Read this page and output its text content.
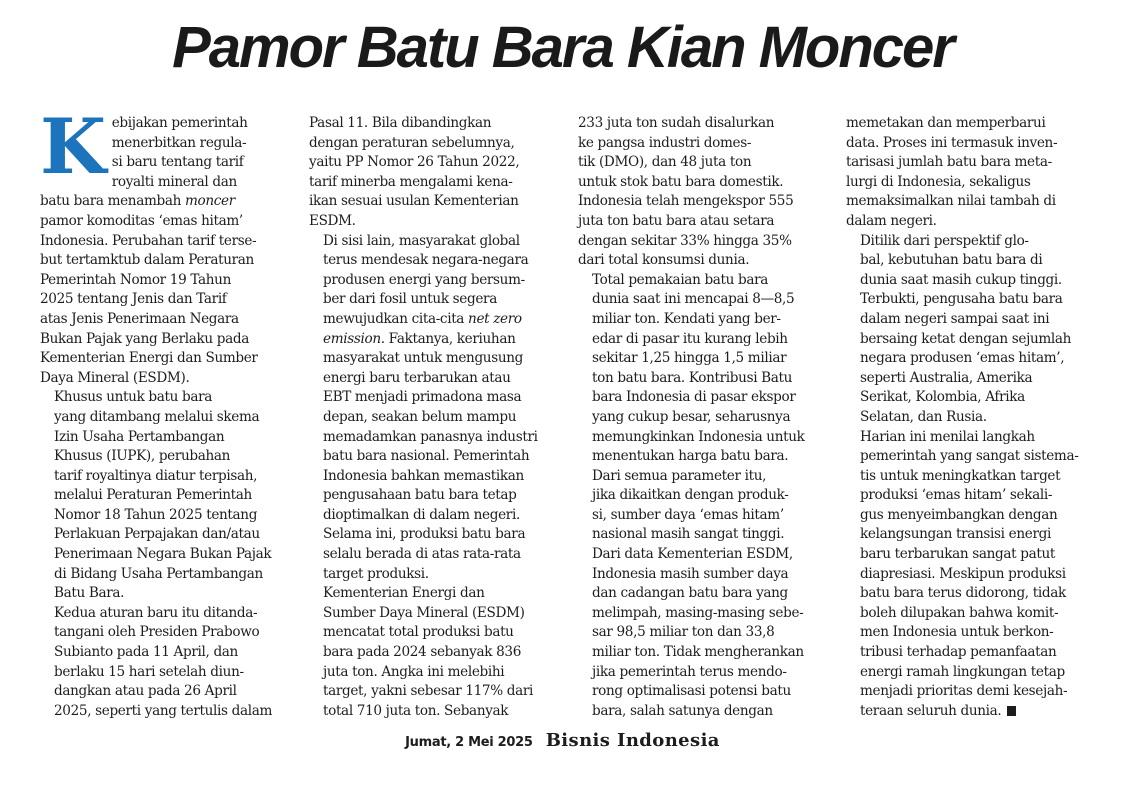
Pamor Batu Bara Kian Moncer

K ebijakan pemerintah
menerbitkan regula-
si baru tentang tarif
royalti mineral dan
batu bara menambah moncer
pamor komoditas ‘emas hitam’
Indonesia. Perubahan tarif terse-
but tertamktub dalam Peraturan
Pemerintah Nomor 19 Tahun
2025 tentang Jenis dan Tarif
atas Jenis Penerimaan Negara
Bukan Pajak yang Berlaku pada
Kementerian Energi dan Sumber
Daya Mineral (ESDM).

Khusus untuk batu bara
yang ditambang melalui skema
Izin Usaha Pertambangan
Khusus (IUPK), perubahan
tarif royaltinya diatur terpisah,
melalui Peraturan Pemerintah
Nomor 18 Tahun 2025 tentang
Perlakuan Perpajakan dan/atau
Penerimaan Negara Bukan Pajak
di Bidang Usaha Pertambangan
Batu Bara.

Kedua aturan baru itu ditanda-
tangani oleh Presiden Prabowo
Subianto pada 11 April, dan
berlaku 15 hari setelah diun-
dangkan atau pada 26 April
2025, seperti yang tertulis dalam

Pasal 11. Bila dibandingkan
dengan peraturan sebelumnya,
yaitu PP Nomor 26 Tahun 2022,
tarif minerba mengalami kena-
ikan sesuai usulan Kementerian
ESDM.

Di sisi lain, masyarakat global
terus mendesak negara-negara
produsen energi yang bersum-
ber dari fosil untuk segera
mewujudkan cita-cita net zero
emission. Faktanya, keriuhan
masyarakat untuk mengusung
energi baru terbarukan atau
EBT menjadi primadona masa
depan, seakan belum mampu
memadamkan panasnya industri
batu bara nasional. Pemerintah
Indonesia bahkan memastikan
pengusahaan batu bara tetap
dioptimalkan di dalam negeri.
Selama ini, produksi batu bara
selalu berada di atas rata-rata
target produksi.

Kementerian Energi dan
Sumber Daya Mineral (ESDM)
mencatat total produksi batu
bara pada 2024 sebanyak 836
juta ton. Angka ini melebihi
target, yakni sebesar 117% dari
total 710 juta ton. Sebanyak

233 juta ton sudah disalurkan
ke pangsa industri domes-
tik (DMO), dan 48 juta ton
untuk stok batu bara domestik.
Indonesia telah mengekspor 555
juta ton batu bara atau setara
dengan sekitar 33% hingga 35%
dari total konsumsi dunia.

Total pemakaian batu bara
dunia saat ini mencapai 8—8,5
miliar ton. Kendati yang ber-
edar di pasar itu kurang lebih
sekitar 1,25 hingga 1,5 miliar
ton batu bara. Kontribusi Batu
bara Indonesia di pasar ekspor
yang cukup besar, seharusnya
memungkinkan Indonesia untuk
menentukan harga batu bara.

Dari semua parameter itu,
jika dikaitkan dengan produk-
si, sumber daya ‘emas hitam’
nasional masih sangat tinggi.
Dari data Kementerian ESDM,
Indonesia masih sumber daya
dan cadangan batu bara yang
melimpah, masing-masing sebe-
sar 98,5 miliar ton dan 33,8
miliar ton. Tidak mengherankan
jika pemerintah terus mendo-
rong optimalisasi potensi batu
bara, salah satunya dengan

memetakan dan memperbarui
data. Proses ini termasuk inven-
tarisasi jumlah batu bara meta-
lurgi di Indonesia, sekaligus
memaksimalkan nilai tambah di
dalam negeri.

Ditilik dari perspektif glo-
bal, kebutuhan batu bara di
dunia saat masih cukup tinggi.
Terbukti, pengusaha batu bara
dalam negeri sampai saat ini
bersaing ketat dengan sejumlah
negara produsen ‘emas hitam’,
seperti Australia, Amerika
Serikat, Kolombia, Afrika
Selatan, dan Rusia.

Harian ini menilai langkah
pemerintah yang sangat sistema-
tis untuk meningkatkan target
produksi ‘emas hitam’ sekali-
gus menyeimbangkan dengan
kelangsungan transisi energi
baru terbarukan sangat patut
diapresiasi. Meskipun produksi
batu bara terus didorong, tidak
boleh dilupakan bahwa komit-
men Indonesia untuk berkon-
tribusi terhadap pemanfaatan
energi ramah lingkungan tetap
menjadi prioritas demi kesejah-
teraan seluruh dunia. B

Jumat, 2 Mei 2025 Bisnis Indonesia
